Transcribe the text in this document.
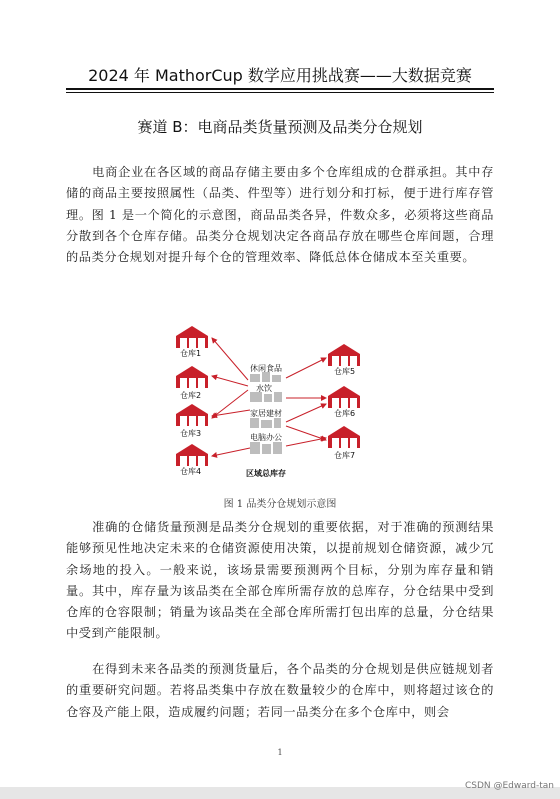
2024 年 MathorCup 数学应用挑战赛——大数据竞赛
赛道 B：电商品类货量预测及品类分仓规划
电商企业在各区域的商品存储主要由多个仓库组成的仓群承担。其中存储的商品主要按照属性（品类、件型等）进行划分和打标，便于进行库存管理。图 1 是一个简化的示意图，商品品类各异，件数众多，必须将这些商品分散到各个仓库存储。品类分仓规划决定各商品存放在哪些仓库间题，合理的品类分仓规划对提升每个仓的管理效率、降低总体仓储成本至关重要。
仓库1
仓库2
仓库3
仓库4
仓库5
仓库6
仓库7
休闲食品
水饮
家居建材
电脑办公
区域总库存
图 1 品类分仓规划示意图
准确的仓储货量预测是品类分仓规划的重要依据，对于准确的预测结果能够预见性地决定未来的仓储资源使用决策，以提前规划仓储资源，减少冗余场地的投入。一般来说，该场景需要预测两个目标，分别为库存量和销量。其中，库存量为该品类在全部仓库所需存放的总库存，分仓结果中受到仓库的仓容限制；销量为该品类在全部仓库所需打包出库的总量，分仓结果中受到产能限制。
在得到未来各品类的预测货量后，各个品类的分仓规划是供应链规划者的重要研究问题。若将品类集中存放在数量较少的仓库中，则将超过该仓的仓容及产能上限，造成履约问题；若同一品类分在多个仓库中，则会
1
CSDN @Edward-tan
